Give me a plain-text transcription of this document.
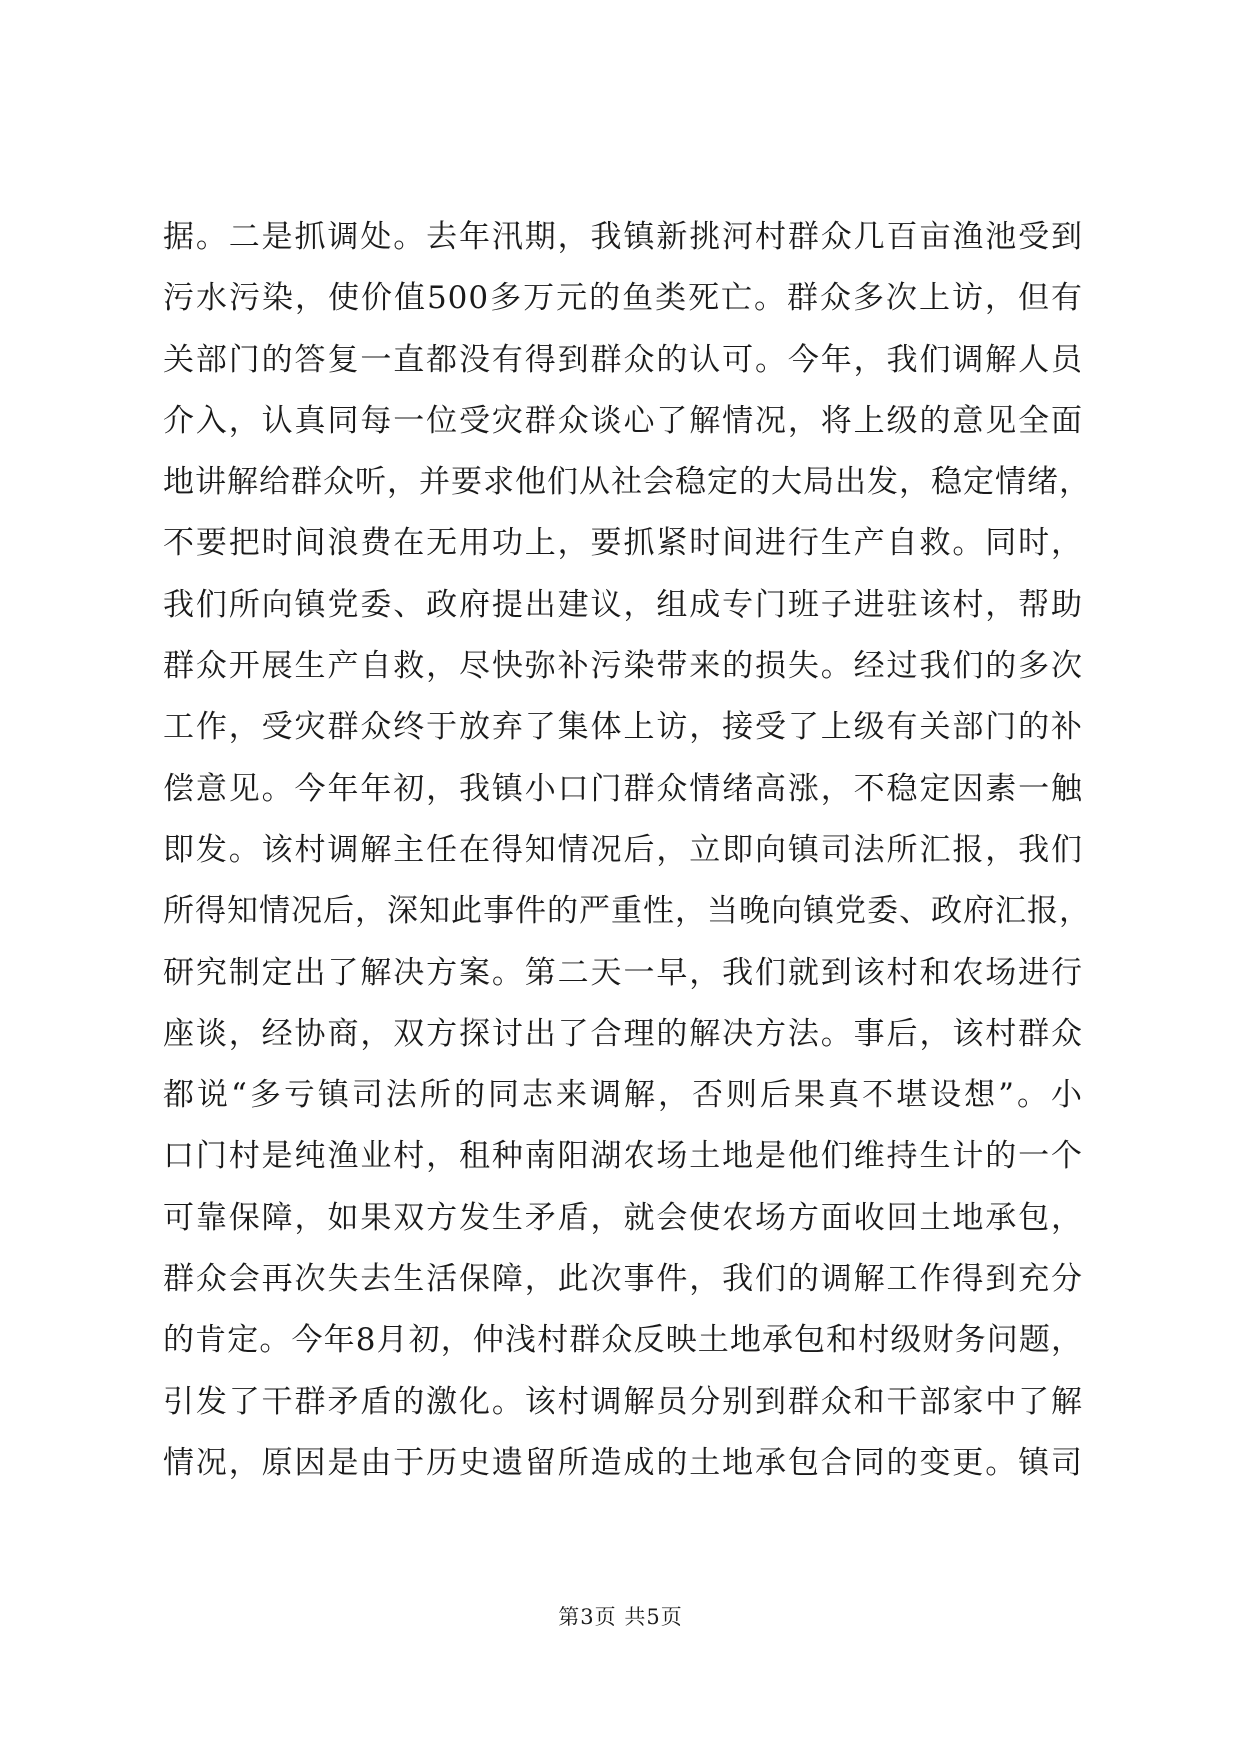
据。二是抓调处。去年汛期，我镇新挑河村群众几百亩渔池受到
污水污染，使价值500多万元的鱼类死亡。群众多次上访，但有
关部门的答复一直都没有得到群众的认可。今年，我们调解人员
介入，认真同每一位受灾群众谈心了解情况，将上级的意见全面
地讲解给群众听，并要求他们从社会稳定的大局出发，稳定情绪，
不要把时间浪费在无用功上，要抓紧时间进行生产自救。同时，
我们所向镇党委、政府提出建议，组成专门班子进驻该村，帮助
群众开展生产自救，尽快弥补污染带来的损失。经过我们的多次
工作，受灾群众终于放弃了集体上访，接受了上级有关部门的补
偿意见。今年年初，我镇小口门群众情绪高涨，不稳定因素一触
即发。该村调解主任在得知情况后，立即向镇司法所汇报，我们
所得知情况后，深知此事件的严重性，当晚向镇党委、政府汇报，
研究制定出了解决方案。第二天一早，我们就到该村和农场进行
座谈，经协商，双方探讨出了合理的解决方法。事后，该村群众
都说“多亏镇司法所的同志来调解，否则后果真不堪设想”。小
口门村是纯渔业村，租种南阳湖农场土地是他们维持生计的一个
可靠保障，如果双方发生矛盾，就会使农场方面收回土地承包，
群众会再次失去生活保障，此次事件，我们的调解工作得到充分
的肯定。今年8月初，仲浅村群众反映土地承包和村级财务问题，
引发了干群矛盾的激化。该村调解员分别到群众和干部家中了解
情况，原因是由于历史遗留所造成的土地承包合同的变更。镇司
第3页 共5页
